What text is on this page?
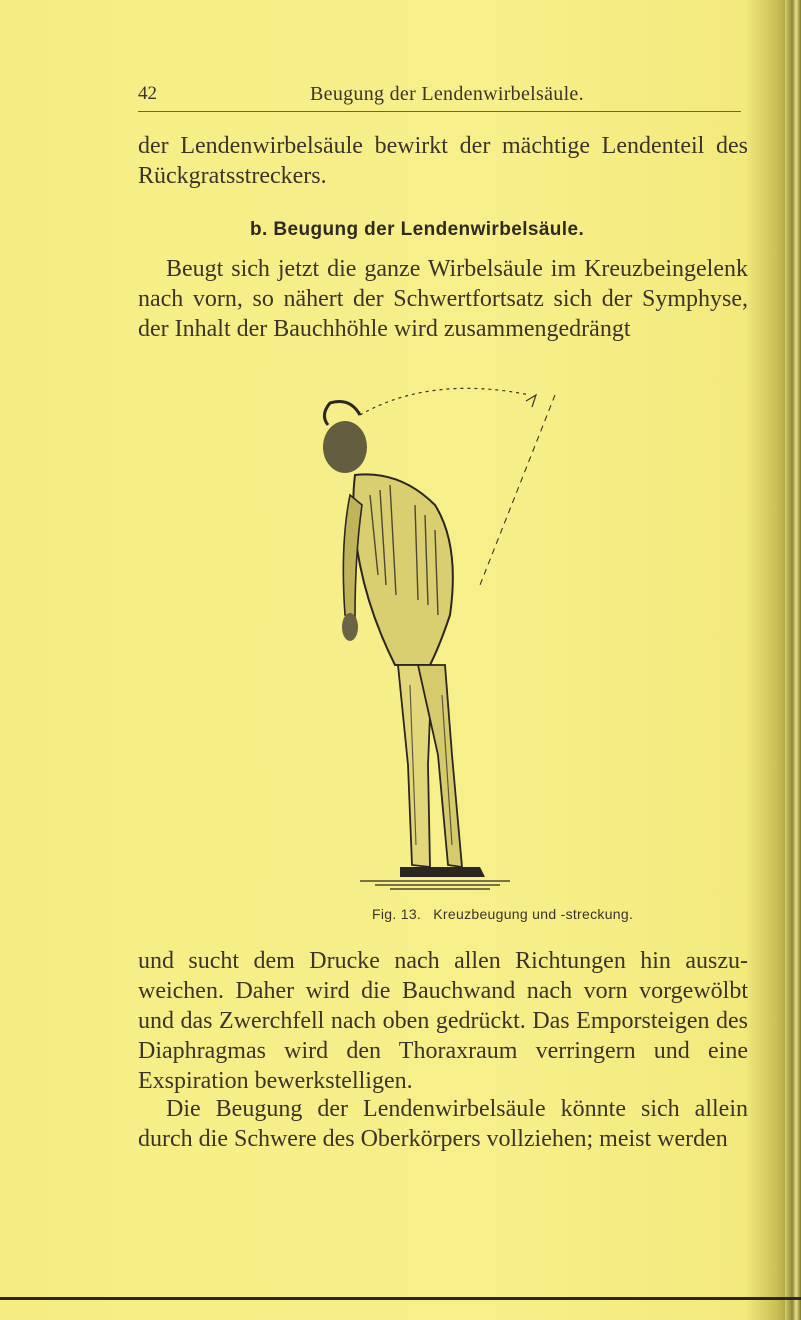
42	Beugung der Lendenwirbelsäule.

der Lendenwirbelsäule bewirkt der mächtige Lendenteil des Rückgratsstreckers.

b. Beugung der Lendenwirbelsäule.

Beugt sich jetzt die ganze Wirbelsäule im Kreuzbeingelenk nach vorn, so nähert der Schwertfortsatz sich der Symphyse, der Inhalt der Bauchhöhle wird zusammengedrängt

Fig. 13. Kreuzbeugung und -streckung.

und sucht dem Drucke nach allen Richtungen hin auszuweichen. Daher wird die Bauchwand nach vorn vorgewölbt und das Zwerchfell nach oben gedrückt. Das Emporsteigen des Diaphragmas wird den Thoraxraum verringern und eine Exspiration bewerkstelligen.

Die Beugung der Lendenwirbelsäule könnte sich allein durch die Schwere des Oberkörpers vollziehen; meist werden
